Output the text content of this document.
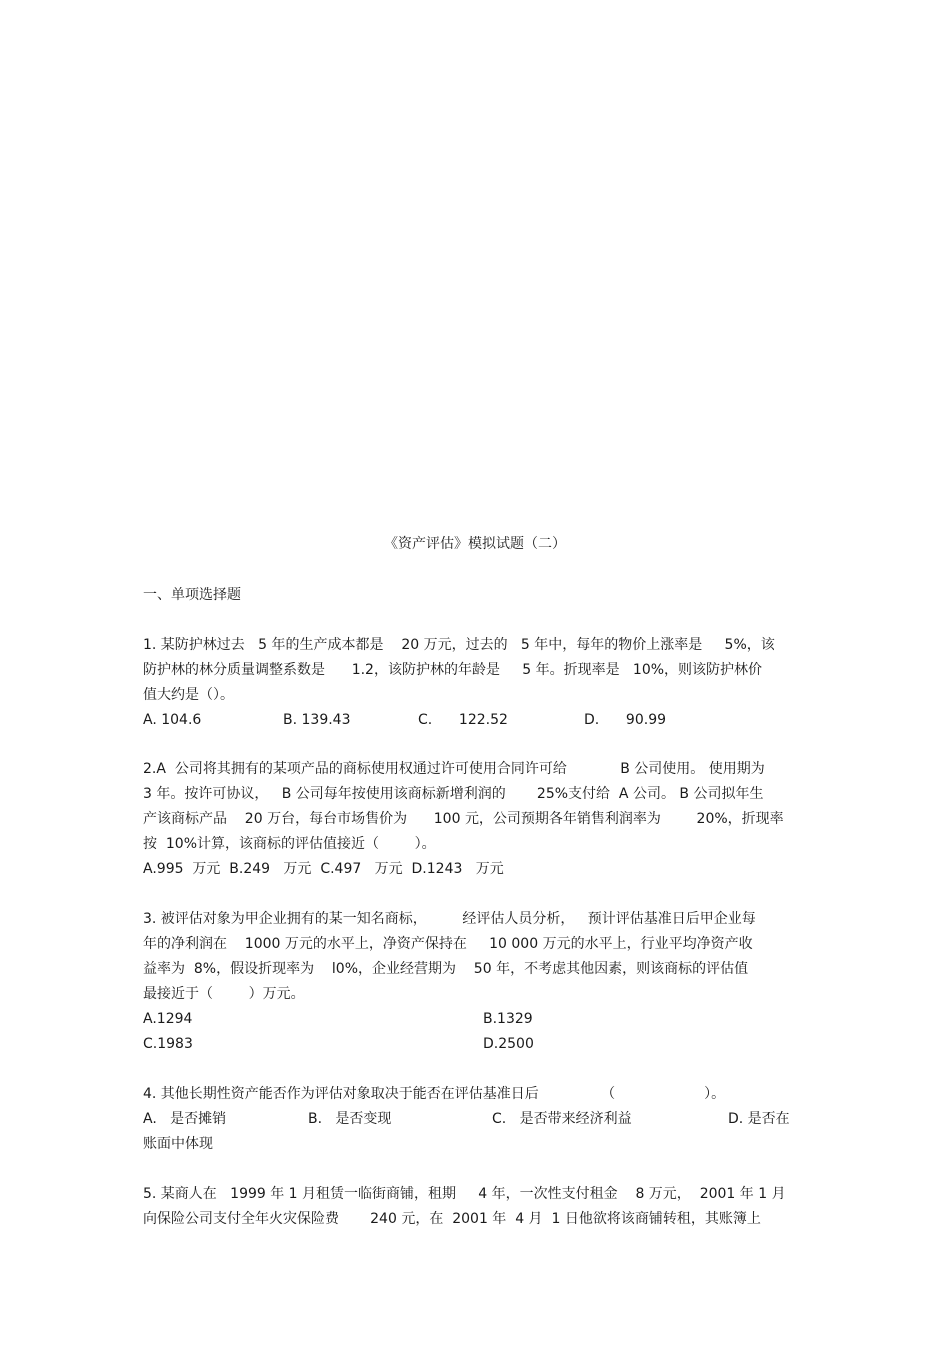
《资产评估》模拟试题（二）
一、单项选择题
1. 某防护林过去   5 年的生产成本都是    20 万元，过去的   5 年中，每年的物价上涨率是     5%，该
防护林的林分质量调整系数是      1.2，该防护林的年龄是     5 年。折现率是   10%，则该防护林价
值大约是（）。
A. 104.6	B. 139.43	C.      122.52	D.      90.99
2.A  公司将其拥有的某项产品的商标使用权通过许可使用合同许可给            B 公司使用。 使用期为
3 年。按许可协议，   B 公司每年按使用该商标新增利润的       25%支付给  A 公司。 B 公司拟年生
产该商标产品    20 万台，每台市场售价为      100 元，公司预期各年销售利润率为        20%，折现率
按  10%计算，该商标的评估值接近（        ）。
A.995  万元  B.249   万元  C.497   万元  D.1243   万元
3. 被评估对象为甲企业拥有的某一知名商标，        经评估人员分析，   预计评估基准日后甲企业每
年的净利润在    1000 万元的水平上，净资产保持在     10 000 万元的水平上，行业平均净资产收
益率为  8%，假设折现率为    l0%，企业经营期为    50 年，不考虑其他因素，则该商标的评估值
最接近于（        ）万元。
A.1294	B.1329
C.1983	D.2500
4. 其他长期性资产能否作为评估对象取决于能否在评估基准日后              （                    ）。
A.   是否摊销	B.   是否变现	C.   是否带来经济利益	D. 是否在
账面中体现
5. 某商人在   1999 年 1 月租赁一临街商铺，租期     4 年，一次性支付租金    8 万元，  2001 年 1 月
向保险公司支付全年火灾保险费       240 元，在  2001 年  4 月  1 日他欲将该商铺转租，其账簿上
